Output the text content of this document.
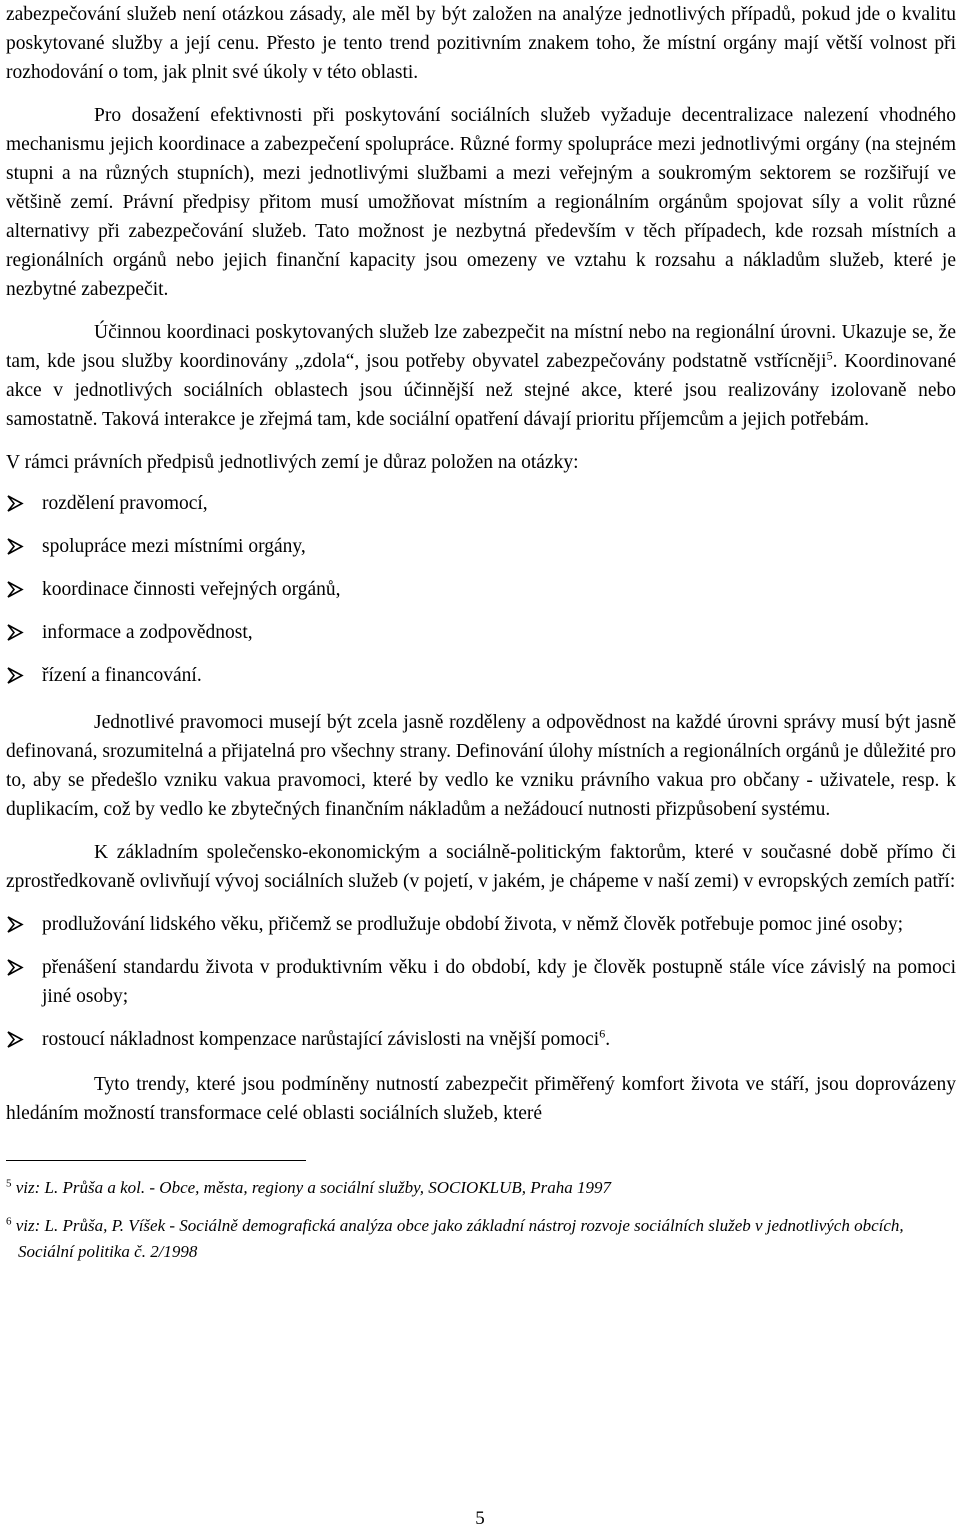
zabezpečování služeb není otázkou zásady, ale měl by být založen na analýze jednotlivých případů, pokud jde o kvalitu poskytované služby a její cenu. Přesto je tento trend pozitivním znakem toho, že místní orgány mají větší volnost při rozhodování o tom, jak plnit své úkoly v této oblasti.

Pro dosažení efektivnosti při poskytování sociálních služeb vyžaduje decentralizace nalezení vhodného mechanismu jejich koordinace a zabezpečení spolupráce. Různé formy spolupráce mezi jednotlivými orgány (na stejném stupni a na různých stupních), mezi jednotlivými službami a mezi veřejným a soukromým sektorem se rozšiřují ve většině zemí. Právní předpisy přitom musí umožňovat místním a regionálním orgánům spojovat síly a volit různé alternativy při zabezpečování služeb. Tato možnost je nezbytná především v těch případech, kde rozsah místních a regionálních orgánů nebo jejich finanční kapacity jsou omezeny ve vztahu k rozsahu a nákladům služeb, které je nezbytné zabezpečit.

Účinnou koordinaci poskytovaných služeb lze zabezpečit na místní nebo na regionální úrovni. Ukazuje se, že tam, kde jsou služby koordinovány „zdola“, jsou potřeby obyvatel zabezpečovány podstatně vstřícněji$^5$. Koordinované akce v jednotlivých sociálních oblastech jsou účinnější než stejné akce, které jsou realizovány izolovaně nebo samostatně. Taková interakce je zřejmá tam, kde sociální opatření dávají prioritu příjemcům a jejich potřebám.

V rámci právních předpisů jednotlivých zemí je důraz položen na otázky:

rozdělení pravomocí,
spolupráce mezi místními orgány,
koordinace činnosti veřejných orgánů,
informace a zodpovědnost,
řízení a financování.

Jednotlivé pravomoci musejí být zcela jasně rozděleny a odpovědnost na každé úrovni správy musí být jasně definovaná, srozumitelná a přijatelná pro všechny strany. Definování úlohy místních a regionálních orgánů je důležité pro to, aby se předešlo vzniku vakua pravomoci, které by vedlo ke vzniku právního vakua pro občany - uživatele, resp. k duplikacím, což by vedlo ke zbytečných finančním nákladům a nežádoucí nutnosti přizpůsobení systému.

K základním společensko-ekonomickým a sociálně-politickým faktorům, které v současné době přímo či zprostředkovaně ovlivňují vývoj sociálních služeb (v pojetí, v jakém, je chápeme v naší zemi) v evropských zemích patří:

prodlužování lidského věku, přičemž se prodlužuje období života, v němž člověk potřebuje pomoc jiné osoby;
přenášení standardu života v produktivním věku i do období, kdy je člověk postupně stále více závislý na pomoci jiné osoby;
rostoucí nákladnost kompenzace narůstající závislosti na vnější pomoci$^6$.

Tyto trendy, které jsou podmíněny nutností zabezpečit přiměřený komfort života ve stáří, jsou doprovázeny hledáním možností transformace celé oblasti sociálních služeb, které

$^5$ viz: L. Průša a kol. - Obce, města, regiony a sociální služby, SOCIOKLUB, Praha 1997

$^6$ viz: L. Průša, P. Víšek - Sociálně demografická analýza obce jako základní nástroj rozvoje sociálních služeb v jednotlivých obcích, Sociální politika č. 2/1998

5
